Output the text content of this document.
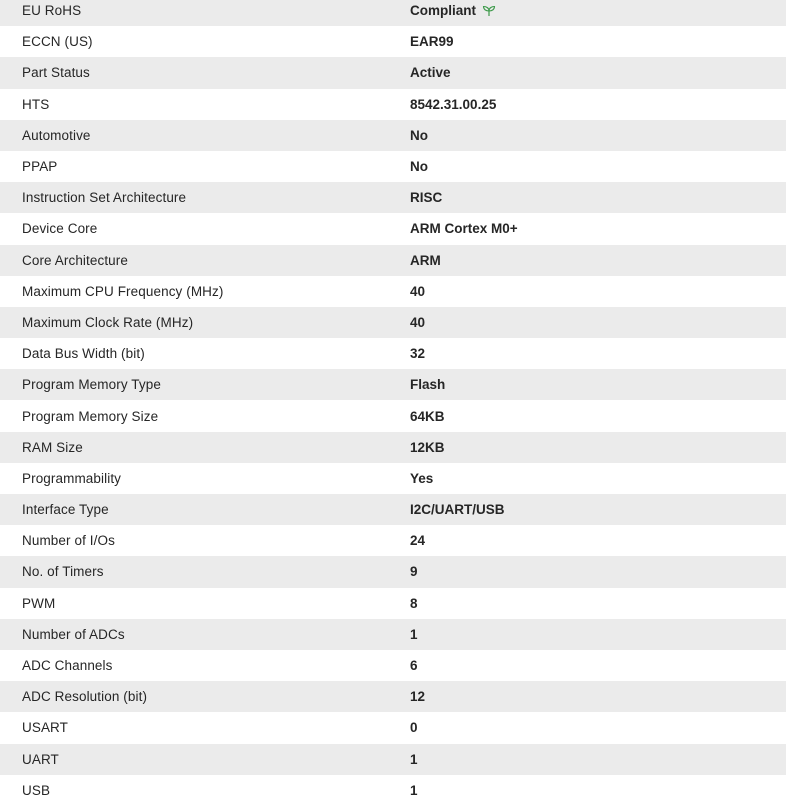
EU RoHS	Compliant
ECCN (US)	EAR99
Part Status	Active
HTS	8542.31.00.25
Automotive	No
PPAP	No
Instruction Set Architecture	RISC
Device Core	ARM Cortex M0+
Core Architecture	ARM
Maximum CPU Frequency (MHz)	40
Maximum Clock Rate (MHz)	40
Data Bus Width (bit)	32
Program Memory Type	Flash
Program Memory Size	64KB
RAM Size	12KB
Programmability	Yes
Interface Type	I2C/UART/USB
Number of I/Os	24
No. of Timers	9
PWM	8
Number of ADCs	1
ADC Channels	6
ADC Resolution (bit)	12
USART	0
UART	1
USB	1
